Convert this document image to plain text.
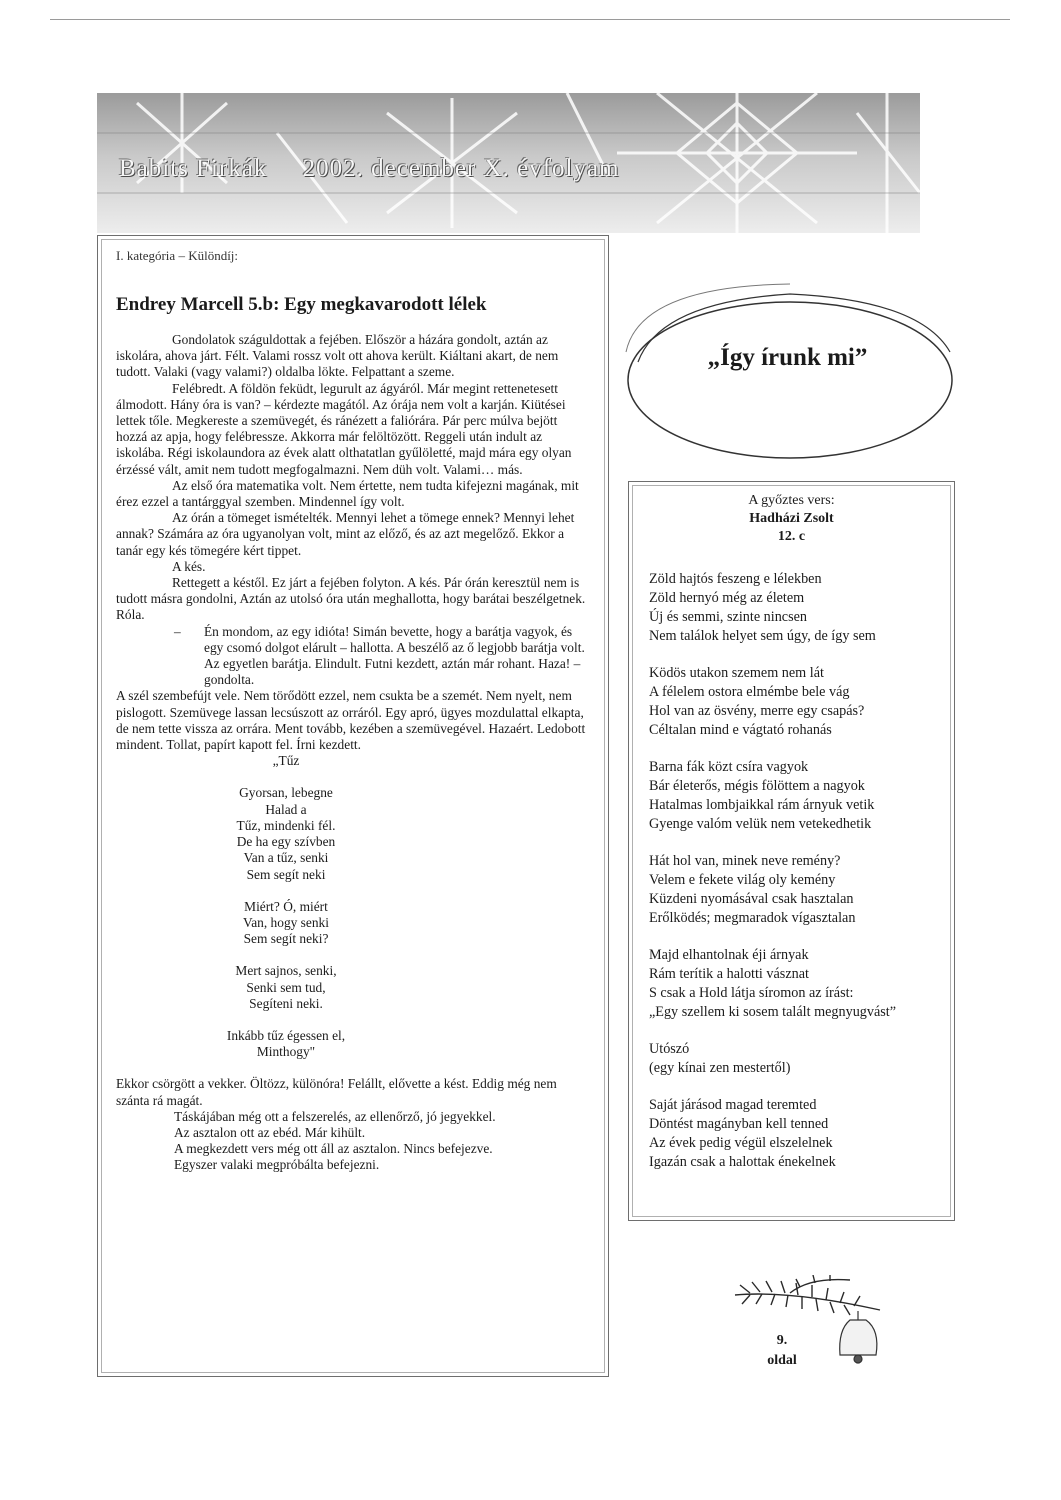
Babits Firkák 2002. december X. évfolyam
I. kategória – Különdíj:
Endrey Marcell 5.b: Egy megkavarodott lélek

Gondolatok száguldottak a fejében. Először a házára gondolt, aztán az iskolára, ahova járt. Félt. Valami rossz volt ott ahova került. Kiáltani akart, de nem tudott. Valaki (vagy valami?) oldalba lökte. Felpattant a szeme.

Felébredt. A földön feküdt, legurult az ágyáról. Már megint rettenetesett álmodott. Hány óra is van? – kérdezte magától. Az órája nem volt a karján. Kiütései lettek tőle. Megkereste a szemüvegét, és ránézett a faliórára. Pár perc múlva bejött hozzá az apja, hogy felébressze. Akkorra már felöltözött. Reggeli után indult az iskolába. Régi iskolaundora az évek alatt olthatatlan gyűlöletté, majd mára egy olyan érzéssé vált, amit nem tudott megfogalmazni. Nem düh volt. Valami… más.

Az első óra matematika volt. Nem értette, nem tudta kifejezni magának, mit érez ezzel a tantárggyal szemben. Mindennel így volt.

Az órán a tömeget ismételték. Mennyi lehet a tömege ennek? Mennyi lehet annak? Számára az óra ugyanolyan volt, mint az előző, és az azt megelőző. Ekkor a tanár egy kés tömegére kért tippet.

A kés.

Rettegett a késtől. Ez járt a fejében folyton. A kés. Pár órán keresztül nem is tudott másra gondolni, Aztán az utolsó óra után meghallotta, hogy barátai beszélgetnek. Róla.

– Én mondom, az egy idióta! Simán bevette, hogy a barátja vagyok, és egy csomó dolgot elárult – hallotta. A beszélő az ő legjobb barátja volt. Az egyetlen barátja. Elindult. Futni kezdett, aztán már rohant. Haza! – gondolta.

A szél szembefújt vele. Nem törődött ezzel, nem csukta be a szemét. Nem nyelt, nem pislogott. Szemüvege lassan lecsúszott az orráról. Egy apró, ügyes mozdulattal elkapta, de nem tette vissza az orrára. Ment tovább, kezében a szemüvegével. Hazaért. Ledobott mindent. Tollat, papírt kapott fel. Írni kezdett.

„Tűz

Gyorsan, lebegne

Halad a

Tűz, mindenki fél.

De ha egy szívben

Van a tűz, senki

Sem segít neki

Miért? Ó, miért

Van, hogy senki

Sem segít neki?

Mert sajnos, senki,

Senki sem tud,

Segíteni neki.

Inkább tűz égessen el,

Minthogy"

Ekkor csörgött a vekker. Öltözz, különóra! Felállt, elővette a kést. Eddig még nem szánta rá magát.

Táskájában még ott a felszerelés, az ellenőrző, jó jegyekkel.

Az asztalon ott az ebéd. Már kihült.

A megkezdett vers még ott áll az asztalon. Nincs befejezve.

Egyszer valaki megpróbálta befejezni.

„Így írunk mi”
A győztes vers:
Hadházi Zsolt
12. c

Zöld hajtós feszeng e lélekben

Zöld hernyó még az életem

Új és semmi, szinte nincsen

Nem találok helyet sem úgy, de így sem

Ködös utakon szemem nem lát

A félelem ostora elmémbe bele vág

Hol van az ösvény, merre egy csapás?

Céltalan mind e vágtató rohanás

Barna fák közt csíra vagyok

Bár életerős, mégis fölöttem a nagyok

Hatalmas lombjaikkal rám árnyuk vetik

Gyenge valóm velük nem vetekedhetik

Hát hol van, minek neve remény?

Velem e fekete világ oly kemény

Küzdeni nyomásával csak hasztalan

Erőlködés; megmaradok vígasztalan

Majd elhantolnak éji árnyak

Rám terítik a halotti vásznat

S csak a Hold látja síromon az írást:

„Egy szellem ki sosem talált megnyugvást”

Utószó

(egy kínai zen mestertől)

Saját járásod magad teremted

Döntést magányban kell tenned

Az évek pedig végül elszelelnek

Igazán csak a halottak énekelnek

9.
oldal
